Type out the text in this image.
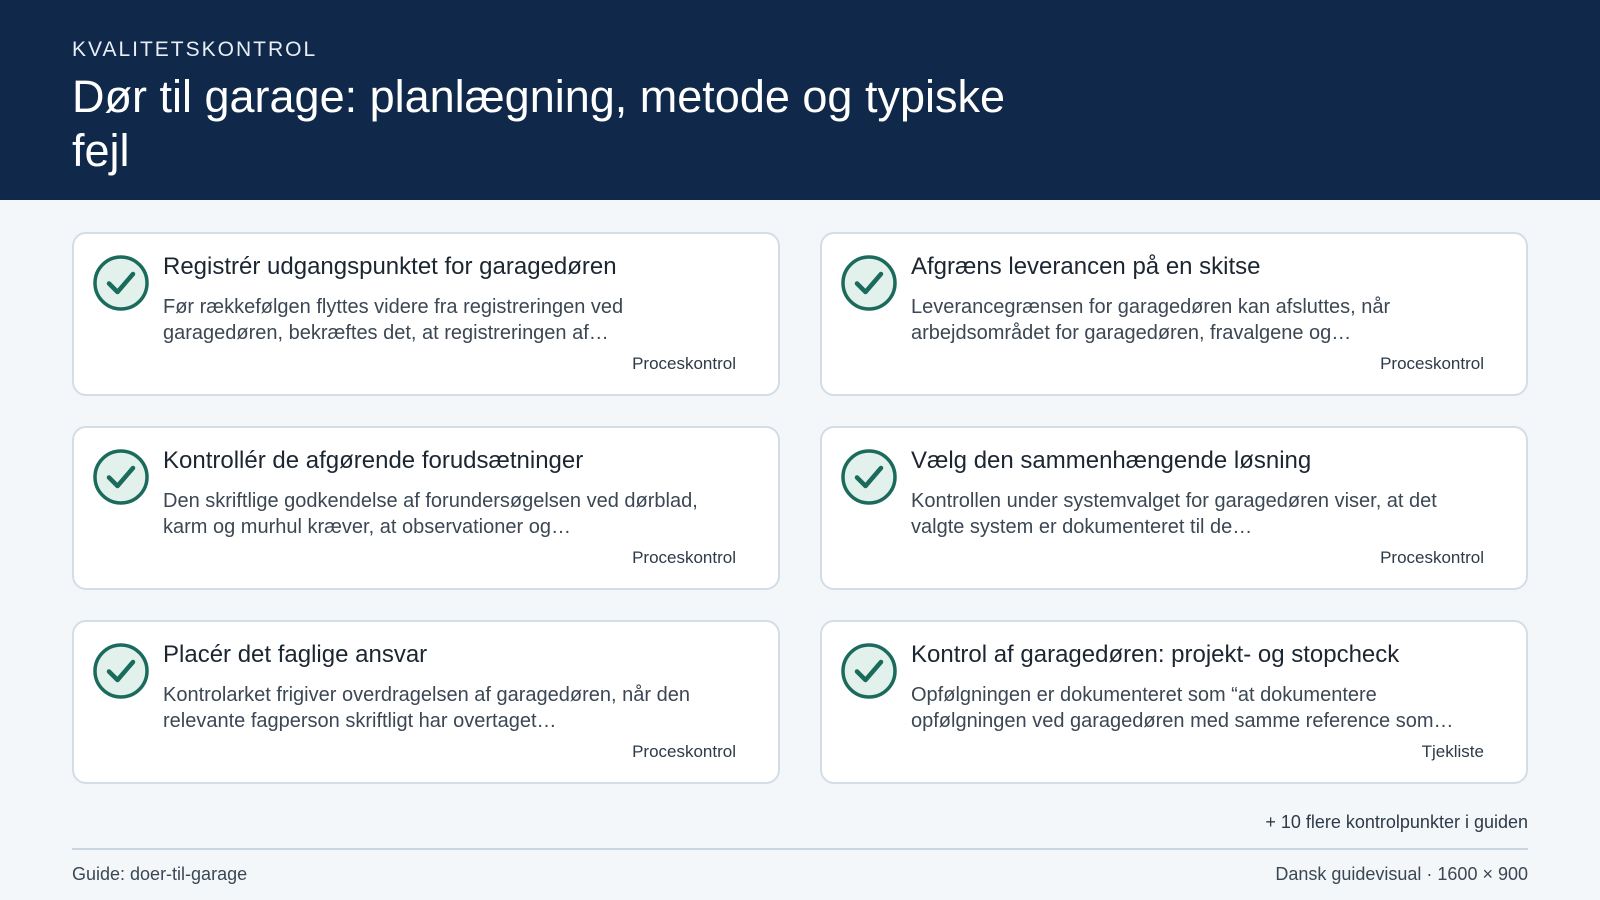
KVALITETSKONTROL

Dør til garage: planlægning, metode og typiske fejl
Registrér udgangspunktet for garagedøren
Før rækkefølgen flyttes videre fra registreringen ved garagedøren, bekræftes det, at registreringen af…
Proceskontrol
Afgræns leverancen på en skitse
Leverancegrænsen for garagedøren kan afsluttes, når arbejdsområdet for garagedøren, fravalgene og…
Proceskontrol
Kontrollér de afgørende forudsætninger
Den skriftlige godkendelse af forundersøgelsen ved dørblad, karm og murhul kræver, at observationer og…
Proceskontrol
Vælg den sammenhængende løsning
Kontrollen under systemvalget for garagedøren viser, at det valgte system er dokumenteret til de…
Proceskontrol
Placér det faglige ansvar
Kontrolarket frigiver overdragelsen af garagedøren, når den relevante fagperson skriftligt har overtaget…
Proceskontrol
Kontrol af garagedøren: projekt- og stopcheck
Opfølgningen er dokumenteret som “at dokumentere opfølgningen ved garagedøren med samme reference som…
Tjekliste
+ 10 flere kontrolpunkter i guiden
Guide: doer-til-garage	Dansk guidevisual · 1600 × 900
